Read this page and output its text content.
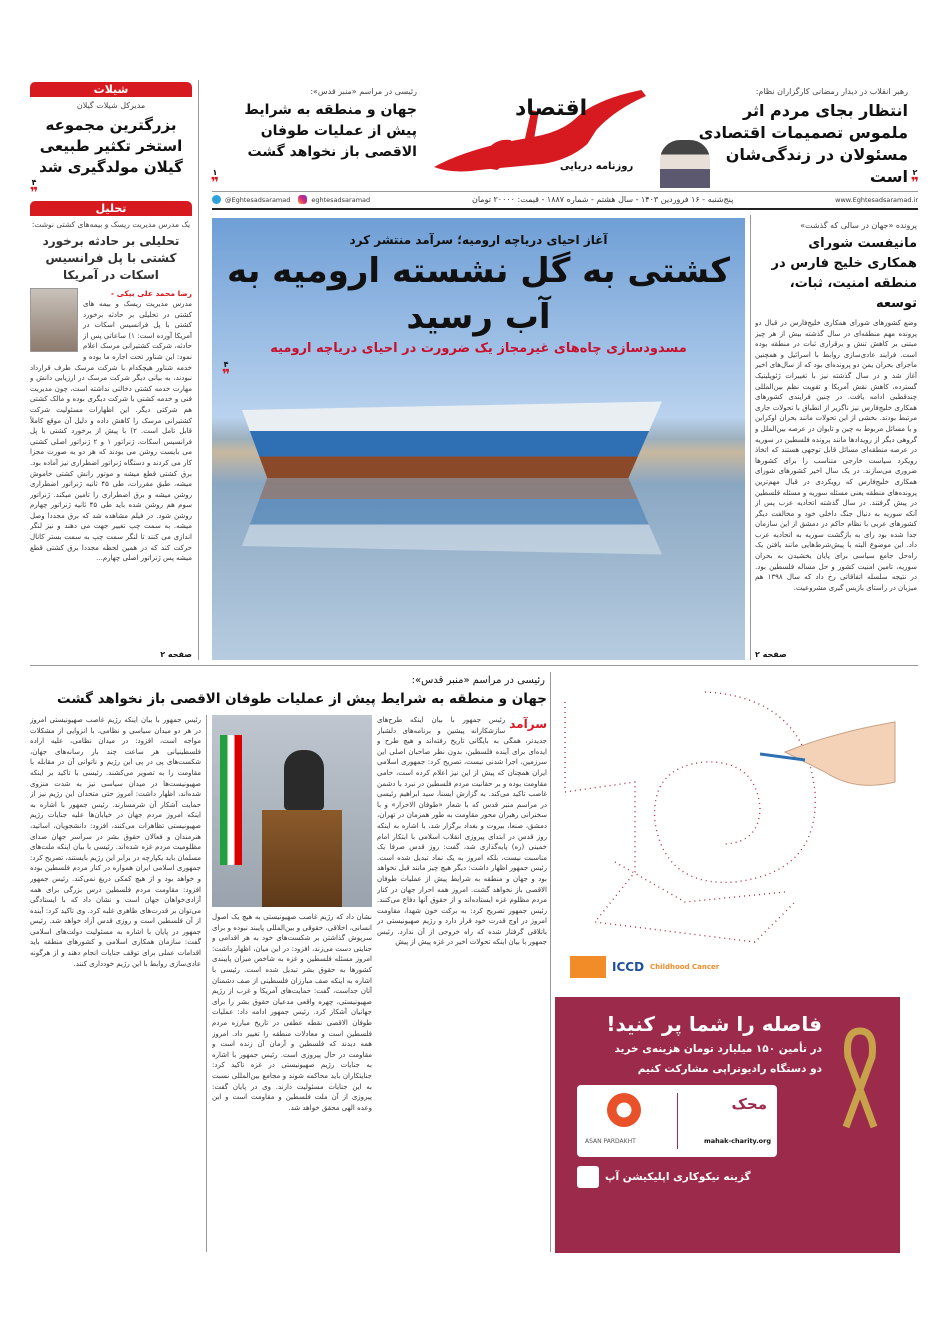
شیلات
مدیرکل شیلات گیلان
بزرگترین مجموعه استخر تکثیر طبیعی گیلان مولدگیری شد
۴
❞
تحلیل
یک مدرس مدیریت ریسک و بیمه‌های کشتی نوشت:
تحلیلی بر حادثه برخورد کشتی با پل فرانسیس اسکات در آمریکا
رضا محمد علی بیکی -
مدرس مدیریت ریسک و بیمه های کشتی در تحلیلی بر حادثه برخورد کشتی با پل فرانسیس اسکات در آمریکا آورده است: ۱) ساعاتی پس از حادثه، شرکت کشتیرانی مرسک اعلام نمود: این شناور تحت اجاره ما بوده و خدمه شناور هیچکدام با شرکت مرسک طرف قرارداد نبودند، به بیانی دیگر شرکت مرسک در ارزیابی دانش و مهارت خدمه کشتی دخالتی نداشته است، چون مدیریت فنی و خدمه کشتی با شرکت دیگری بوده و مالک کشتی هم شرکتی دیگر. این اظهارات مسئولیت شرکت کشتیرانی مرسک را کاهش داده و دلیل آن موقع کاملاً قابل تامل است. ۲) با پیش از برخورد کشتی با پل فرانسیس اسکات، ژنراتور ۱ و ۲ ژنراتور اصلی کشتی می بایست روشن می بودند که هر دو به صورت مجزا کار می کردند و دستگاه ژنراتور اضطراری نیز آماده بود. برق کشتی قطع میشه و موتور رانش کشتی خاموش میشه، طبق مقررات، طی ۴۵ ثانیه ژنراتور اضطراری روشن میشه و برق اضطراری را تامین میکند. ژنراتور سوم هم روشن شده باید طی ۴۵ ثانیه ژنراتور چهارم روشن شود. در فیلم مشاهده شد که برق مجددا وصل میشه. به سمت چپ تغییر جهت می دهند و نیز لنگر اندازی می کنند تا لنگر سمت چپ به سمت بستر کانال حرکت کند که در همین لحظه مجددا برق کشتی قطع میشه پس ژنراتور اصلی چهارم...
صفحه ۲
رهبر انقلاب در دیدار رمضانی کارگزاران نظام:
انتظار بجای مردم اثر ملموس تصمیمات اقتصادی مسئولان در زندگی‌شان است ۲
❞
اقتصاد
روزنامه دریایی
رئیسی در مراسم «منبر قدس»:
جهان و منطقه به شرایط پیش از عملیات طوفان الاقصی باز نخواهد گشت
۱
❞
www.Eghtesadsaramad.ir
پنج‌شنبه - ۱۶ فروردین ۱۴۰۳ - سال هشتم - شماره ۱۸۸۷ - قیمت: ۲۰۰۰۰ تومان
@Eghtesadsaramad	eghtesadsaramad
آغاز احیای دریاچه ارومیه؛ سرآمد منتشر کرد
کشتی به گل نشسته ارومیه به آب رسید
مسدودسازی چاه‌های غیرمجاز یک ضرورت در احیای دریاچه ارومیه
۴
❞
پرونده «جهان در سالی که گذشت»
مانیفست شورای همکاری خلیج فارس در منطقه امنیت، ثبات، توسعه
وضع کشورهای شورای همکاری خلیج‌فارس در قبال دو پرونده مهم منطقه‌ای در سال گذشته بیش از هر چیز مبتنی بر کاهش تنش و برقراری ثبات در منطقه بوده است. فرایند عادی‌سازی روابط با اسرائیل و همچنین ماجرای بحران یمن دو پرونده‌ای بود که از سال‌های اخیر آغاز شد و در سال گذشته نیز با تغییرات ژئوپلیتیک گسترده، کاهش نقش آمریکا و تقویت نظم بین‌المللی چندقطبی ادامه یافت. در چنین فرایندی کشورهای همکاری خلیج‌فارس نیز ناگزیر از انطباق با تحولات جاری مرتبط بودند. بخشی از این تحولات مانند بحران اوکراین و یا مسائل مربوط به چین و تایوان در عرصه بین‌الملل و گروهی دیگر از رویدادها مانند پرونده فلسطین در سوریه در عرصه منطقه‌ای مسائل قابل توجهی هستند که اتخاذ رویکرد سیاست خارجی متناسب را برای کشورها ضروری می‌سازند. در یک سال اخیر کشورهای شورای همکاری خلیج‌فارس که رویکردی در قبال مهم‌ترین پرونده‌های منطقه یعنی مسئله سوریه و مسئله فلسطین در پیش گرفتند. در سال گذشته اتحادیه عرب پس از آنکه سوریه به دنبال جنگ داخلی خود و مخالفت دیگر کشورهای عربی با نظام حاکم در دمشق از این سازمان جدا شده بود رای به بازگشت سوریه به اتحادیه عرب داد. این موضوع البته با پیش‌شرط‌هایی مانند یافتن یک راه‌حل جامع سیاسی برای پایان بخشیدن به بحران سوریه، تامین امنیت کشور و حل مساله فلسطین بود. در نتیجه سلسله اتفاقاتی رخ داد که سال ۱۳۹۸ هم میزبان در راستای بازیس گیری مشروعیت.
صفحه ۲
رئیسی در مراسم «منبر قدس»:
جهان و منطقه به شرایط پیش از عملیات طوفان الاقصی باز نخواهد گشت
سرآمد
رئیس جمهور با بیان اینکه طرح‌های سازشکارانه پیشین و برنامه‌های دلشبار جدیدتر، همگی به بایگانی تاریخ رفته‌اند و هیچ طرح و ایده‌ای برای آینده فلسطین، بدون نظر صاحبان اصلی این سرزمین، اجرا شدنی نیست، تصریح کرد: جمهوری اسلامی ایران همچنان که پیش از این نیز اعلام کرده است، حامی مقاومت بوده و بر حقانیت مردم فلسطین در نبرد با دشمن غاصب تاکید می‌کند. به گزارش ایسنا، سید ابراهیم رئیسی در مراسم منبر قدس که با شعار «طوفان الاحرار» و با سخنرانی رهبران محور مقاومت به طور همزمان در تهران، دمشق، صنعا، بیروت و بغداد برگزار شد، با اشاره به اینکه روز قدس در ابتدای پیروزی انقلاب اسلامی با ابتکار امام خمینی (ره) پایه‌گذاری شد، گفت: روز قدس صرفا یک مناسبت نیست، بلکه امروز به یک نماد تبدیل شده است. رئیس جمهور اظهار داشت: دیگر هیچ چیز مانند قبل نخواهد بود و جهان و منطقه به شرایط پیش از عملیات طوفان الاقصی باز نخواهد گشت. امروز همه احرار جهان در کنار مردم مظلوم غزه ایستاده‌اند و از حقوق آنها دفاع می‌کنند. رئیس جمهور تصریح کرد: به برکت خون شهدا، مقاومت امروز در اوج قدرت خود قرار دارد و رژیم صهیونیستی در باتلاقی گرفتار شده که راه خروجی از آن ندارد. رئیس جمهور با بیان اینکه تحولات اخیر در غزه پیش از پیش
نشان داد که رژیم غاصب صهیونیستی به هیچ یک اصول انسانی، اخلاقی، حقوقی و بین‌المللی پایبند نبوده و برای سرپوش گذاشتن بر شکست‌های خود به هر اقدامی و جنایتی دست می‌زند، افزود: در این میان، اظهار داشت: امروز مسئله فلسطین و غزه به شاخص میزان پایبندی کشورها به حقوق بشر تبدیل شده است. رئیسی با اشاره به اینکه صف مبارزان فلسطینی از صف دشمنان آنان جداست، گفت: حمایت‌های آمریکا و غرب از رژیم صهیونیستی، چهره واقعی مدعیان حقوق بشر را برای جهانیان آشکار کرد. رئیس جمهور ادامه داد: عملیات طوفان الاقصی نقطه عطفی در تاریخ مبارزه مردم فلسطین است و معادلات منطقه را تغییر داد. امروز همه دیدند که فلسطین و آرمان آن زنده است و مقاومت در حال پیروزی است. رئیس جمهور با اشاره به جنایات رژیم صهیونیستی در غزه تاکید کرد: جنایتکاران باید محاکمه شوند و مجامع بین‌المللی نسبت به این جنایات مسئولیت دارند. وی در پایان گفت: پیروزی از آن ملت فلسطین و مقاومت است و این وعده الهی محقق خواهد شد.
رئیس جمهور با بیان اینکه رژیم غاصب صهیونیستی امروز در هر دو میدان سیاسی و نظامی، با انزوایی از مشکلات مواجه است، افزود: در میدان نظامی، علیه اراده فلسطینیانی هر ساعت چند بار رسانه‌های جهان، شکست‌های پی در پی این رژیم و ناتوانی آن در مقابله با مقاومت را به تصویر می‌کشند. رئیسی با تاکید بر اینکه صهیونیست‌ها در میدان سیاسی نیز به شدت منزوی شده‌اند، اظهار داشت: امروز حتی متحدان این رژیم نیز از حمایت آشکار آن شرمسارند. رئیس جمهور با اشاره به اینکه امروز مردم جهان در خیابان‌ها علیه جنایات رژیم صهیونیستی تظاهرات می‌کنند، افزود: دانشجویان، اساتید، هنرمندان و فعالان حقوق بشر در سراسر جهان صدای مظلومیت مردم غزه شده‌اند. رئیسی با بیان اینکه ملت‌های مسلمان باید یکپارچه در برابر این رژیم بایستند، تصریح کرد: جمهوری اسلامی ایران همواره در کنار مردم فلسطین بوده و خواهد بود و از هیچ کمکی دریغ نمی‌کند. رئیس جمهور افزود: مقاومت مردم فلسطین درس بزرگی برای همه آزادی‌خواهان جهان است و نشان داد که با ایستادگی می‌توان بر قدرت‌های ظاهری غلبه کرد. وی تاکید کرد: آینده از آن فلسطین است و روزی قدس آزاد خواهد شد. رئیس جمهور در پایان با اشاره به مسئولیت دولت‌های اسلامی گفت: سازمان همکاری اسلامی و کشورهای منطقه باید اقدامات عملی برای توقف جنایات انجام دهند و از هرگونه عادی‌سازی روابط با این رژیم خودداری کنند.	ICCD Childhood Cancer
فاصله را شما پر کنید!
در تأمین ۱۵۰ میلیارد تومان هزینه‌ی خرید
دو دستگاه رادیوتراپی مشارکت کنیم
محک
mahak-charity.org
ASAN PARDAKHT
گزینه نیکوکاری اپلیکیشن آپ
